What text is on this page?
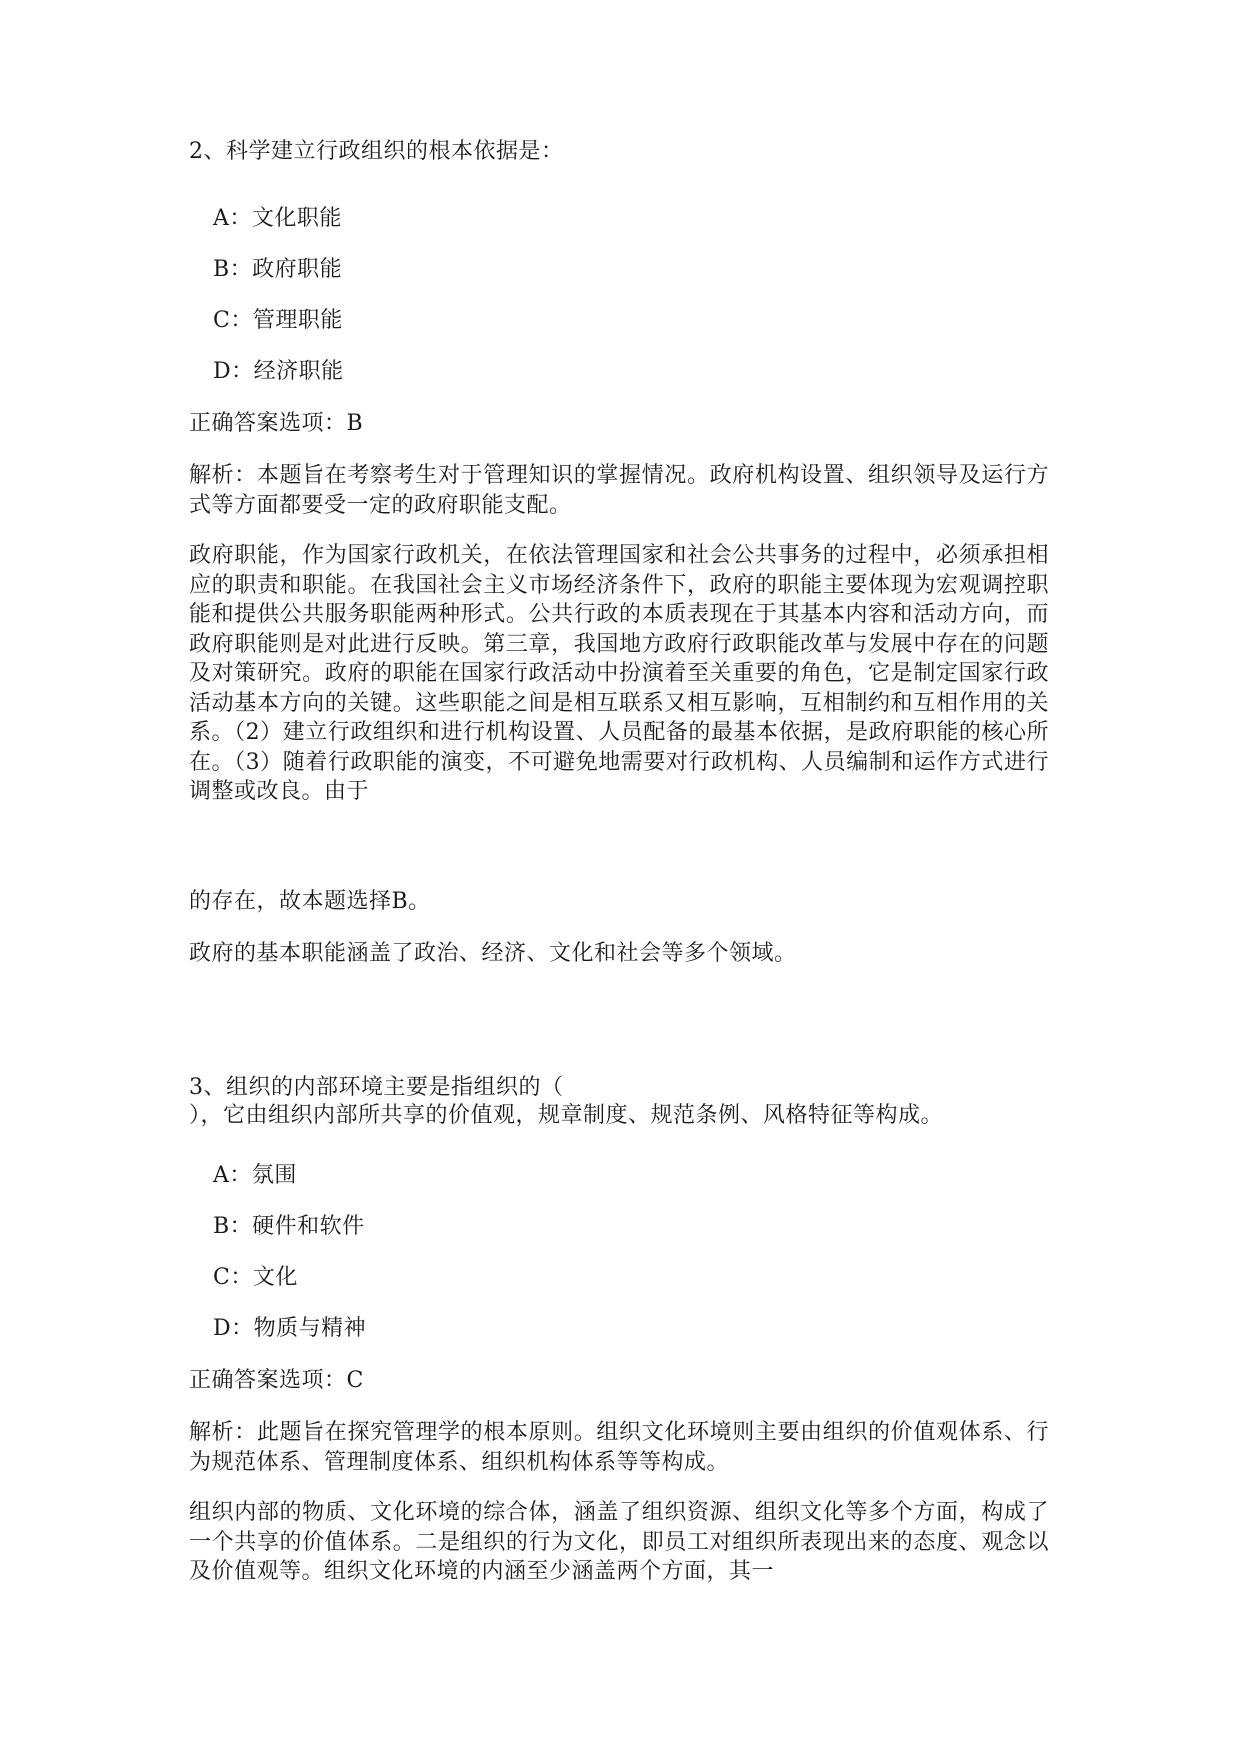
2、科学建立行政组织的根本依据是：
A：文化职能
B：政府职能
C：管理职能
D：经济职能
正确答案选项：B
解析：本题旨在考察考生对于管理知识的掌握情况。政府机构设置、组织领导及运行方式等方面都要受一定的政府职能支配。
政府职能，作为国家行政机关，在依法管理国家和社会公共事务的过程中，必须承担相应的职责和职能。在我国社会主义市场经济条件下，政府的职能主要体现为宏观调控职能和提供公共服务职能两种形式。公共行政的本质表现在于其基本内容和活动方向，而政府职能则是对此进行反映。第三章，我国地方政府行政职能改革与发展中存在的问题及对策研究。政府的职能在国家行政活动中扮演着至关重要的角色，它是制定国家行政活动基本方向的关键。这些职能之间是相互联系又相互影响，互相制约和互相作用的关系。（2）建立行政组织和进行机构设置、人员配备的最基本依据，是政府职能的核心所在。（3）随着行政职能的演变，不可避免地需要对行政机构、人员编制和运作方式进行调整或改良。由于
的存在，故本题选择B。
政府的基本职能涵盖了政治、经济、文化和社会等多个领域。
3、组织的内部环境主要是指组织的（
），它由组织内部所共享的价值观，规章制度、规范条例、风格特征等构成。
A：氛围
B：硬件和软件
C：文化
D：物质与精神
正确答案选项：C
解析：此题旨在探究管理学的根本原则。组织文化环境则主要由组织的价值观体系、行为规范体系、管理制度体系、组织机构体系等等构成。
组织内部的物质、文化环境的综合体，涵盖了组织资源、组织文化等多个方面，构成了一个共享的价值体系。二是组织的行为文化，即员工对组织所表现出来的态度、观念以及价值观等。组织文化环境的内涵至少涵盖两个方面，其一
